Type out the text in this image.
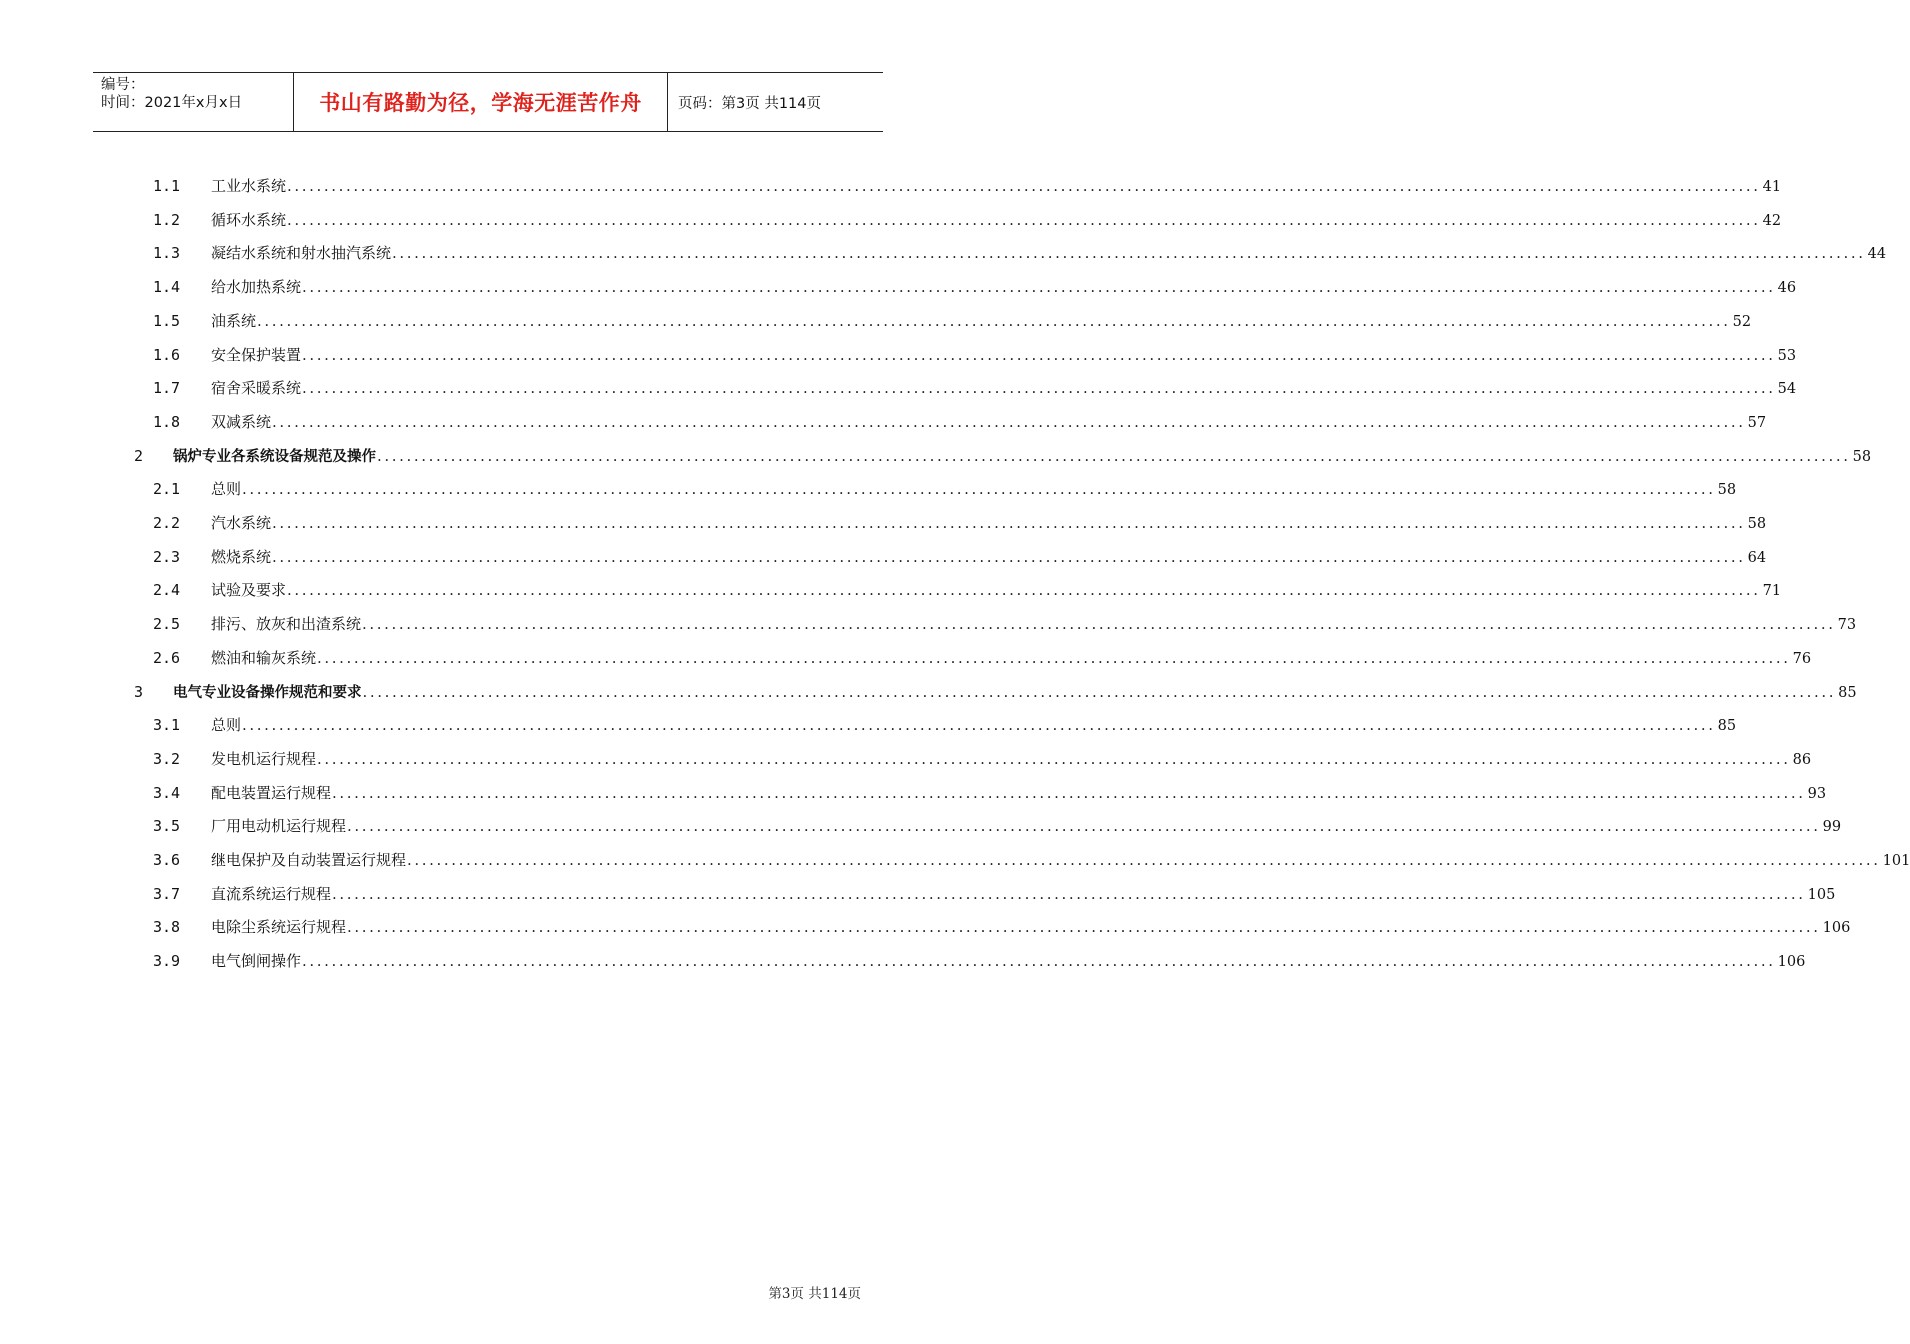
编号：
时间：2021年x月x日	书山有路勤为径，学海无涯苦作舟	页码：第3页 共114页
1.1 工业水系统 ........................................................................................................................................................................................................ 41
1.2 循环水系统 ........................................................................................................................................................................................................ 42
1.3 凝结水系统和射水抽汽系统 ........................................................................................................................................................................................................ 44
1.4 给水加热系统 ........................................................................................................................................................................................................ 46
1.5 油系统 ........................................................................................................................................................................................................ 52
1.6 安全保护装置 ........................................................................................................................................................................................................ 53
1.7 宿舍采暖系统 ........................................................................................................................................................................................................ 54
1.8 双减系统 ........................................................................................................................................................................................................ 57
2 锅炉专业各系统设备规范及操作 ........................................................................................................................................................................................................ 58
2.1 总则 ........................................................................................................................................................................................................ 58
2.2 汽水系统 ........................................................................................................................................................................................................ 58
2.3 燃烧系统 ........................................................................................................................................................................................................ 64
2.4 试验及要求 ........................................................................................................................................................................................................ 71
2.5 排污、放灰和出渣系统 ........................................................................................................................................................................................................ 73
2.6 燃油和输灰系统 ........................................................................................................................................................................................................ 76
3 电气专业设备操作规范和要求 ........................................................................................................................................................................................................ 85
3.1 总则 ........................................................................................................................................................................................................ 85
3.2 发电机运行规程 ........................................................................................................................................................................................................ 86
3.4 配电装置运行规程 ........................................................................................................................................................................................................ 93
3.5 厂用电动机运行规程 ........................................................................................................................................................................................................ 99
3.6 继电保护及自动装置运行规程 ........................................................................................................................................................................................................ 101
3.7 直流系统运行规程 ........................................................................................................................................................................................................ 105
3.8 电除尘系统运行规程 ........................................................................................................................................................................................................ 106
3.9 电气倒闸操作 ........................................................................................................................................................................................................ 106
第3页 共114页
